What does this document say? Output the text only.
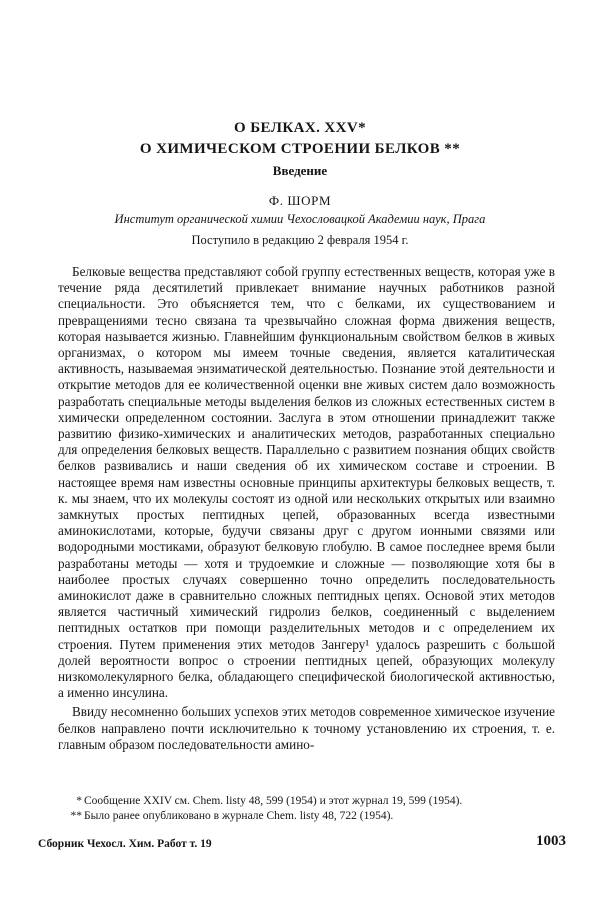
О БЕЛКАХ. XXV*
О ХИМИЧЕСКОМ СТРОЕНИИ БЕЛКОВ **
Введение
Ф. ШОРМ
Институт органической химии Чехословацкой Академии наук, Прага
Поступило в редакцию 2 февраля 1954 г.

Белковые вещества представляют собой группу естественных веществ, которая уже в течение ряда десятилетий привлекает внимание научных работников разной специальности. Это объясняется тем, что с белками, их существованием и превращениями тесно связана та чрезвычайно сложная форма движения веществ, которая называется жизнью. Главнейшим функциональным свойством белков в живых организмах, о котором мы имеем точные сведения, является каталитическая активность, называемая энзиматической деятельностью. Познание этой деятельности и открытие методов для ее количественной оценки вне живых систем дало возможность разработать специальные методы выделения белков из сложных естественных систем в химически определенном состоянии. Заслуга в этом отношении принадлежит также развитию физико-химических и аналитических методов, разработанных специально для определения белковых веществ. Параллельно с развитием познания общих свойств белков развивались и наши сведения об их химическом составе и строении. В настоящее время нам известны основные принципы архитектуры белковых веществ, т. к. мы знаем, что их молекулы состоят из одной или нескольких открытых или взаимно замкнутых простых пептидных цепей, образованных всегда известными аминокислотами, которые, будучи связаны друг с другом ионными связями или водородными мостиками, образуют белковую глобулю. В самое последнее время были разработаны методы — хотя и трудоемкие и сложные — позволяющие хотя бы в наиболее простых случаях совершенно точно определить последовательность аминокислот даже в сравнительно сложных пептидных цепях. Основой этих методов является частичный химический гидролиз белков, соединенный с выделением пептидных остатков при помощи разделительных методов и с определением их строения. Путем применения этих методов Зангеру¹ удалось разрешить с большой долей вероятности вопрос о строении пептидных цепей, образующих молекулу низкомолекулярного белка, обладающего специфической биологической активностью, а именно инсулина.

Ввиду несомненно больших успехов этих методов современное химическое изучение белков направлено почти исключительно к точному установлению их строения, т. е. главным образом последовательности амино-

* Сообщение XXIV см. Chem. listy 48, 599 (1954) и этот журнал 19, 599 (1954).
** Было ранее опубликовано в журнале Chem. listy 48, 722 (1954).
Сборник Чехосл. Хим. Работ т. 19	1003
